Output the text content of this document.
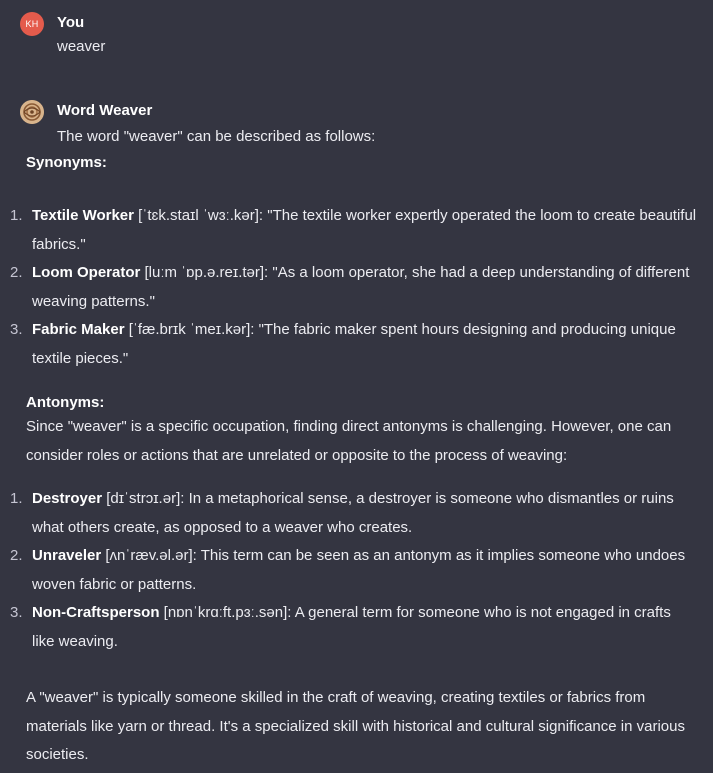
KH You
weaver
Word Weaver
The word "weaver" can be described as follows:
Synonyms:
1. Textile Worker [ˈtɛk.staɪl ˈwɜː.kər]: "The textile worker expertly operated the loom to create beautiful fabrics."
2. Loom Operator [luːm ˈɒp.ə.reɪ.tər]: "As a loom operator, she had a deep understanding of different weaving patterns."
3. Fabric Maker [ˈfæ.brɪk ˈmeɪ.kər]: "The fabric maker spent hours designing and producing unique textile pieces."
Antonyms:
Since "weaver" is a specific occupation, finding direct antonyms is challenging. However, one can consider roles or actions that are unrelated or opposite to the process of weaving:
1. Destroyer [dɪˈstrɔɪ.ər]: In a metaphorical sense, a destroyer is someone who dismantles or ruins what others create, as opposed to a weaver who creates.
2. Unraveler [ʌnˈræv.əl.ər]: This term can be seen as an antonym as it implies someone who undoes woven fabric or patterns.
3. Non-Craftsperson [nɒnˈkrɑːft.pɜː.sən]: A general term for someone who is not engaged in crafts like weaving.
A "weaver" is typically someone skilled in the craft of weaving, creating textiles or fabrics from materials like yarn or thread. It's a specialized skill with historical and cultural significance in various societies.
